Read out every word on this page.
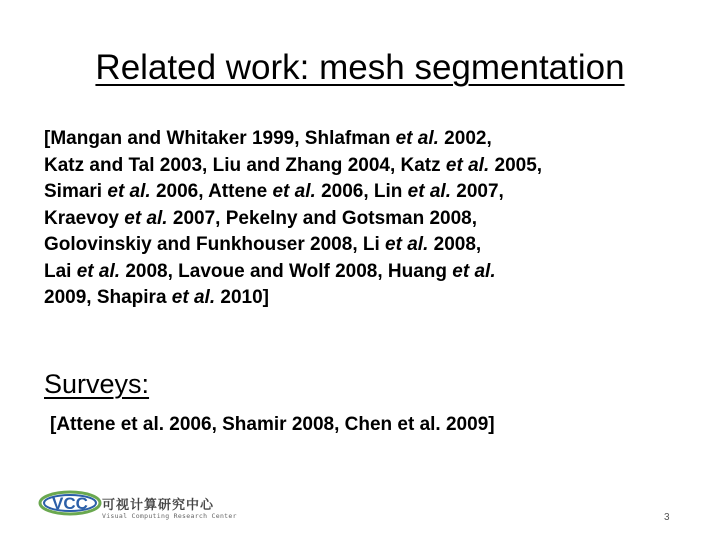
Related work: mesh segmentation
[Mangan and Whitaker 1999, Shlafman et al. 2002,
Katz and Tal 2003, Liu and Zhang 2004, Katz et al. 2005,
Simari et al. 2006, Attene et al. 2006, Lin et al. 2007,
Kraevoy et al. 2007, Pekelny and Gotsman 2008,
Golovinskiy and Funkhouser 2008, Li et al. 2008,
Lai et al. 2008, Lavoue and Wolf 2008, Huang et al.
2009, Shapira et al. 2010]
Surveys:
[Attene et al. 2006, Shamir 2008, Chen et al. 2009]
VCC 可视计算研究中心
Visual Computing Research Center	3
